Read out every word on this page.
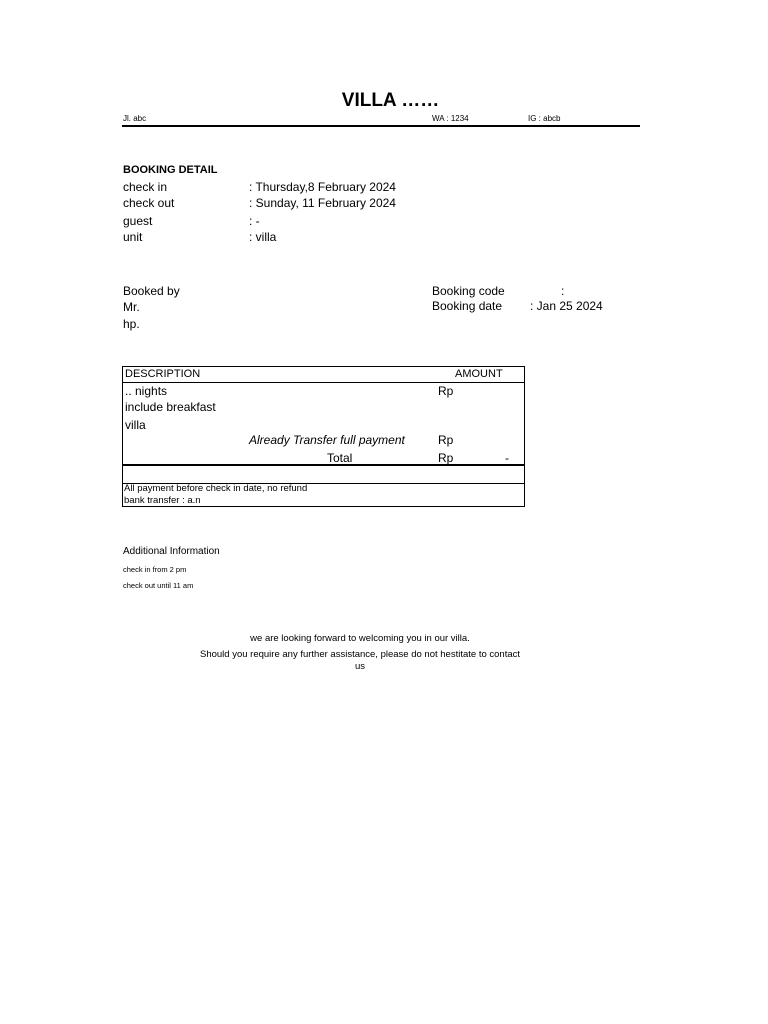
VILLA ……
Jl. abc	WA : 1234	IG : abcb
BOOKING DETAIL
check in	: Thursday,8 February 2024
check out	: Sunday, 11 February 2024
guest	: -
unit	: villa
Booked by
Mr.
hp.
Booking code	:
Booking date : Jan 25 2024
DESCRIPTION	AMOUNT
.. nights	Rp
include breakfast
villa
Already Transfer full payment	Rp
Total	Rp	-
All payment before check in date, no refund
bank transfer : a.n
Additional Information
check in from 2 pm
check out until 11 am
we are looking forward to welcoming you in our villa.
Should you require any further assistance, please do not hestitate to contact
us
